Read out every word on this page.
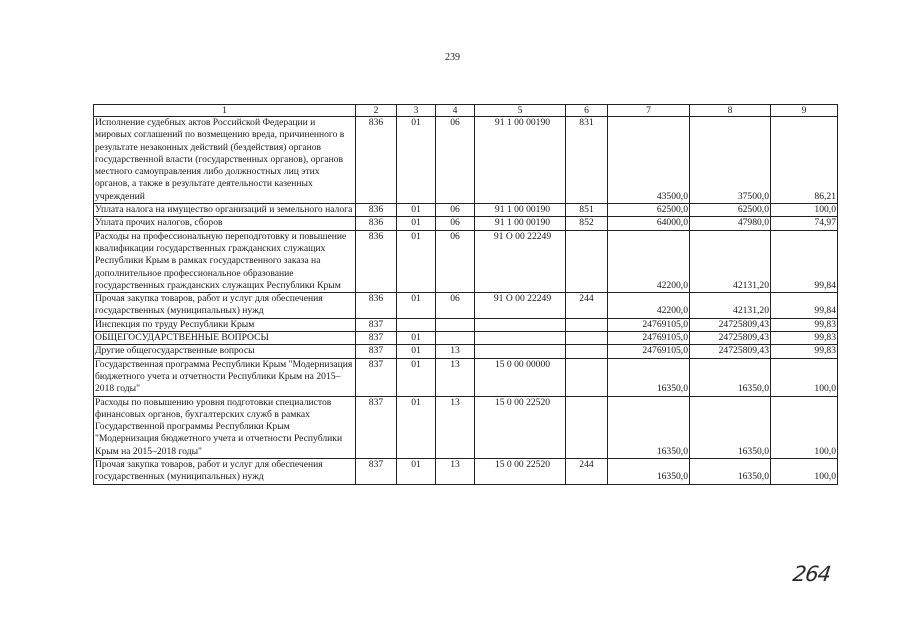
239
1	2	3	4	5	6	7	8	9
Исполнение судебных актов Российской Федерации и мировых соглашений по возмещению вреда, причиненного в результате незаконных действий (бездействия) органов государственной власти (государственных органов), органов местного самоуправления либо должностных лиц этих органов, а также в результате деятельности казенных учреждений	836	01	06	91 1 00 00190	831	43500,0	37500,0	86,21
Уплата налога на имущество организаций и земельного налога	836	01	06	91 1 00 00190	851	62500,0	62500,0	100,0
Уплата прочих налогов, сборов	836	01	06	91 1 00 00190	852	64000,0	47980,0	74,97
Расходы на профессиональную переподготовку и повышение квалификации государственных гражданских служащих Республики Крым в рамках государственного заказа на дополнительное профессиональное образование государственных гражданских служащих Республики Крым	836	01	06	91 О 00 22249		42200,0	42131,20	99,84
Прочая закупка товаров, работ и услуг для обеспечения государственных (муниципальных) нужд	836	01	06	91 О 00 22249	244	42200,0	42131,20	99,84
Инспекция по труду Республики Крым	837					24769105,0	24725809,43	99,83
ОБЩЕГОСУДАРСТВЕННЫЕ ВОПРОСЫ	837	01				24769105,0	24725809,43	99,83
Другие общегосударственные вопросы	837	01	13			24769105,0	24725809,43	99,83
Государственная программа Республики Крым "Модернизация бюджетного учета и отчетности Республики Крым на 2015–2018 годы"	837	01	13	15 0 00 00000		16350,0	16350,0	100,0
Расходы по повышению уровня подготовки специалистов финансовых органов, бухгалтерских служб в рамках Государственной программы Республики Крым "Модернизация бюджетного учета и отчетности Республики Крым на 2015–2018 годы"	837	01	13	15 0 00 22520		16350,0	16350,0	100,0
Прочая закупка товаров, работ и услуг для обеспечения государственных (муниципальных) нужд	837	01	13	15 0 00 22520	244	16350,0	16350,0	100,0
264
